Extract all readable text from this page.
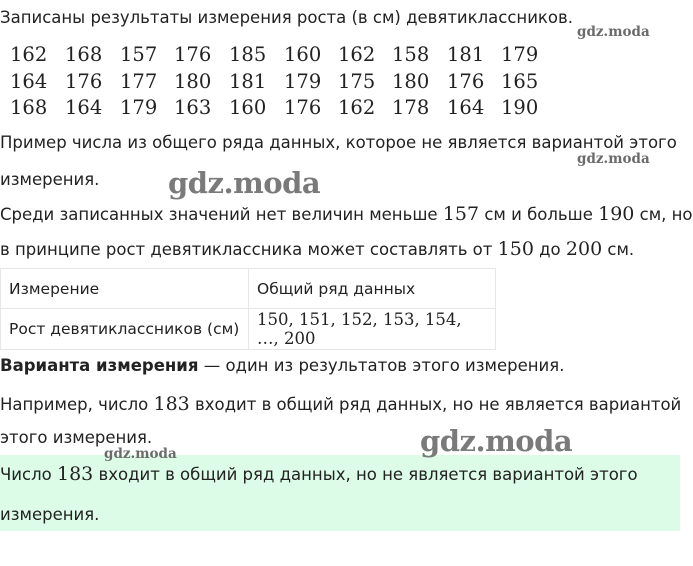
Записаны результаты измерения роста (в см) девятиклассников.
162 168 157 176 185 160 162 158 181 179
164 176 177 180 181 179 175 180 176 165
168 164 179 163 160 176 162 178 164 190
Пример числа из общего ряда данных, которое не является вариантой этого
измерения.
Среди записанных значений нет величин меньше 157 см и больше 190 см, но
в принципе рост девятиклассника может составлять от 150 до 200 см.
Измерение	Общий ряд данных
Рост девятиклассников (см)	150, 151, 152, 153, 154, …, 200
Варианта измерения — один из результатов этого измерения.
Например, число 183 входит в общий ряд данных, но не является вариантой
этого измерения.
Число 183 входит в общий ряд данных, но не является вариантой этого
измерения.
gdz.moda
gdz.moda
gdz.moda
gdz.moda
gdz.moda
